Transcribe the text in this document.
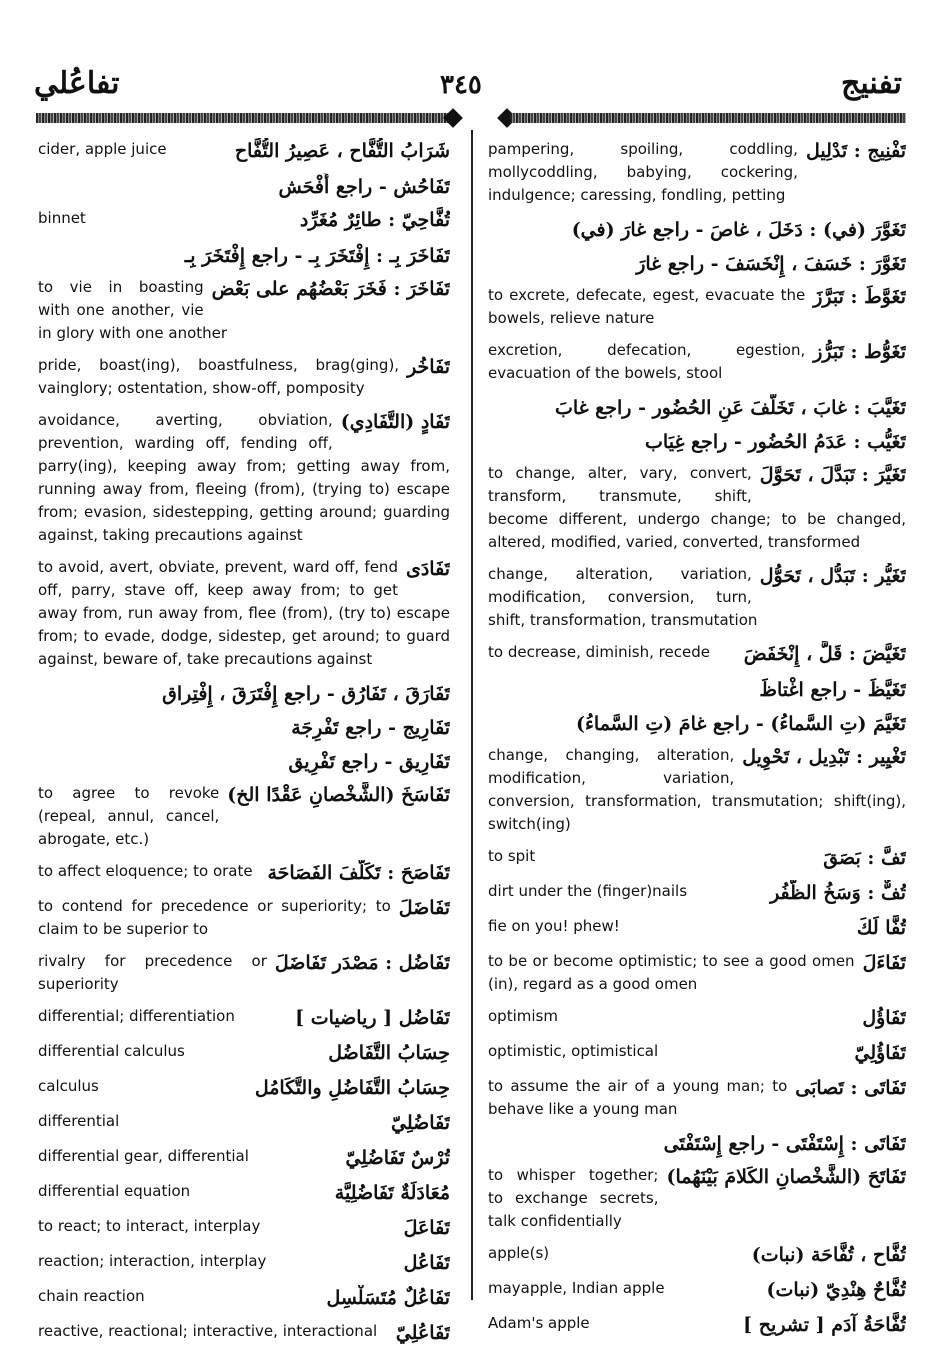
تفاعُلي	٣٤٥	تفنيج
شَرَابُ التُّفَّاح ، عَصِيرُ التُّفَّاح
cider, apple juice
تَفَاحُش - راجع أَفْحَش
تُفَّاحِيّ : طائِرٌ مُغَرِّد
binnet
تَفَاخَرَ بِـ : إِفْتَخَرَ بِـ - راجع إِفْتَخَرَ بِـ
تَفَاخَرَ : فَخَرَ بَعْضُهُم على بَعْض
to vie in boasting with one another, vie in glory with one another
تَفَاخُر
pride, boast(ing), boastfulness, brag(ging), vainglory; ostentation, show-off, pomposity
تَفَادٍ (التَّفَادِي)
avoidance, averting, obviation, prevention, warding off, fending off, parry(ing), keeping away from; getting away from, running away from, fleeing (from), (trying to) escape from; evasion, sidestepping, getting around; guarding against, taking precautions against
تَفَادَى
to avoid, avert, obviate, prevent, ward off, fend off, parry, stave off, keep away from; to get away from, run away from, flee (from), (try to) escape from; to evade, dodge, sidestep, get around; to guard against, beware of, take precautions against
تَفَارَقَ ، تَفَارُق - راجع إِفْتَرَقَ ، إِفْتِراق
تَفَارِيج - راجع تَفْرِجَة
تَفَارِيق - راجع تَفْرِيق
تَفَاسَخَ (الشَّخْصانِ عَقْدًا الخ)
to agree to revoke (repeal, annul, cancel, abrogate, etc.)
تَفَاصَحَ : تَكَلَّفَ الفَصَاحَة
to affect eloquence; to orate
تَفَاضَلَ
to contend for precedence or superiority; to claim to be superior to
تَفَاضُل : مَصْدَر تَفَاضَلَ
rivalry for precedence or superiority
تَفَاضُل [ رياضيات ]
differential; differentiation
حِسَابُ التَّفَاضُل
differential calculus
حِسَابُ التَّفَاضُلِ والتَّكَامُل
calculus
تَفَاضُلِيّ
differential
تُرْسٌ تَفَاضُلِيّ
differential gear, differential
مُعَادَلَةٌ تَفَاضُلِيَّة
differential equation
تَفَاعَلَ
to react; to interact, interplay
تَفَاعُل
reaction; interaction, interplay
تَفَاعُلٌ مُتَسَلْسِل
chain reaction
تَفَاعُلِيّ
reactive, reactional; interactive, interactional
تَفْنِيج : تَدْلِيل
pampering, spoiling, coddling, mollycoddling, babying, cockering, indulgence; caressing, fondling, petting
تَغَوَّرَ (في) : دَخَلَ ، غاصَ - راجع غارَ (في)
تَغَوَّرَ : خَسَفَ ، إِنْخَسَفَ - راجع غارَ
تَغَوَّطَ : تَبَرَّزَ
to excrete, defecate, egest, evacuate the bowels, relieve nature
تَغَوُّط : تَبَرُّز
excretion, defecation, egestion, evacuation of the bowels, stool
تَغَيَّبَ : غابَ ، تَخَلَّفَ عَنِ الحُضُور - راجع غابَ
تَغَيُّب : عَدَمُ الحُضُور - راجع غِيَاب
تَغَيَّرَ : تَبَدَّلَ ، تَحَوَّلَ
to change, alter, vary, convert, transform, transmute, shift, become different, undergo change; to be changed, altered, modified, varied, converted, transformed
تَغَيُّر : تَبَدُّل ، تَحَوُّل
change, alteration, variation, modification, conversion, turn, shift, transformation, transmutation
تَغَيَّضَ : قَلَّ ، إِنْخَفَضَ
to decrease, diminish, recede
تَغَيَّظَ - راجع اغْتاظَ
تَغَيَّمَ (تِ السَّماءُ) - راجع غامَ (تِ السَّماءُ)
تَغْيِير : تَبْدِيل ، تَحْوِيل
change, changing, alteration, modification, variation, conversion, transformation, transmutation; shift(ing), switch(ing)
تَفَّ : بَصَقَ
to spit
تُفٌّ : وَسَخُ الظُّفُر
dirt under the (finger)nails
تُفًّا لَكَ
fie on you! phew!
تَفَاءَلَ
to be or become optimistic; to see a good omen (in), regard as a good omen
تَفَاؤُل
optimism
تَفَاؤُلِيّ
optimistic, optimistical
تَفَاتَى : تَصابَى
to assume the air of a young man; to behave like a young man
تَفَاتَى : إِسْتَفْتَى - راجع إِسْتَفْتَى
تَفَاتَحَ (الشَّخْصانِ الكَلامَ بَيْنَهُما)
to whisper together; to exchange secrets, talk confidentially
تُفَّاح ، تُفَّاحَة (نبات)
apple(s)
تُفَّاحٌ هِنْدِيّ (نبات)
mayapple, Indian apple
تُفَّاحَةُ آدَم [ تشريح ]
Adam's apple
